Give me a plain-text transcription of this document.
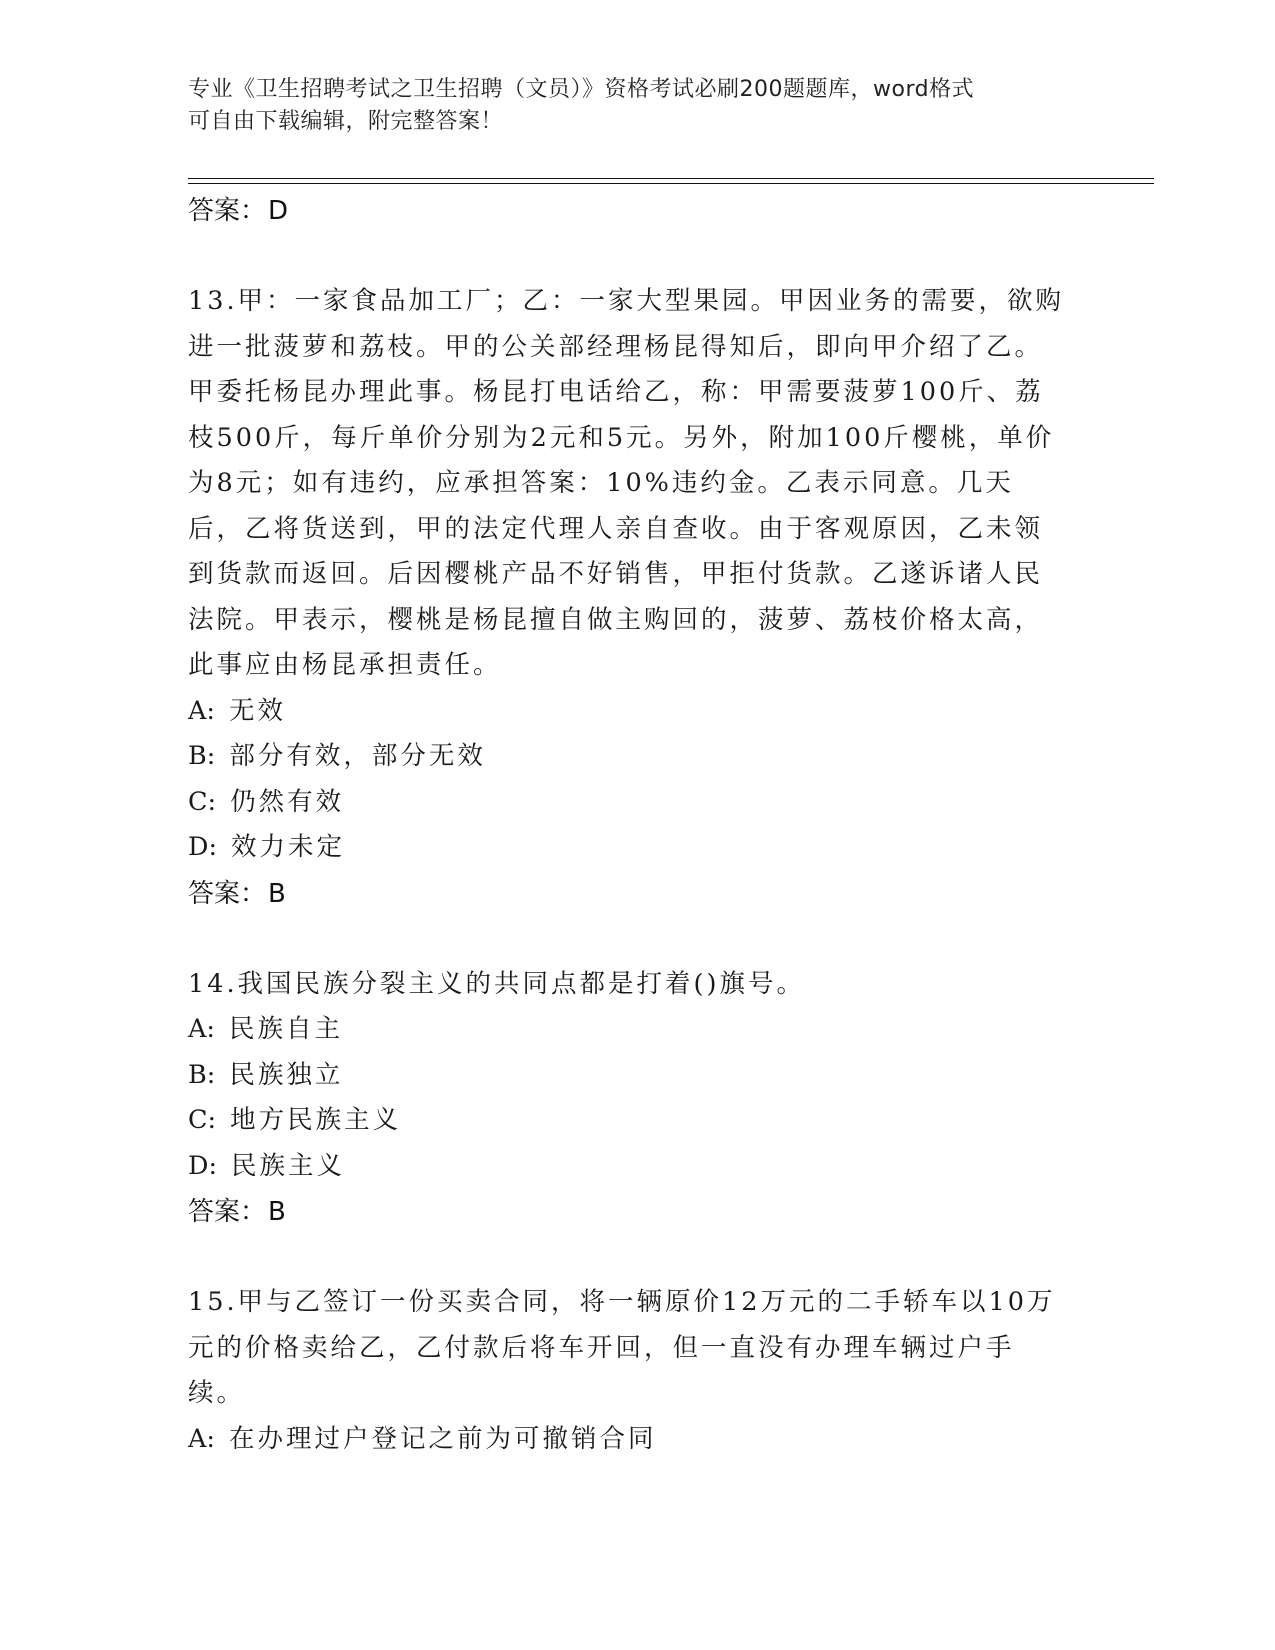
专业《卫生招聘考试之卫生招聘（文员）》资格考试必刷200题题库，word格式
可自由下载编辑，附完整答案！
答案：D
13.甲：一家食品加工厂；乙：一家大型果园。甲因业务的需要，欲购进一批菠萝和荔枝。甲的公关部经理杨昆得知后，即向甲介绍了乙。甲委托杨昆办理此事。杨昆打电话给乙，称：甲需要菠萝100斤、荔枝500斤，每斤单价分别为2元和5元。另外，附加100斤樱桃，单价为8元；如有违约，应承担答案：10%违约金。乙表示同意。几天后，乙将货送到，甲的法定代理人亲自查收。由于客观原因，乙未领到货款而返回。后因樱桃产品不好销售，甲拒付货款。乙遂诉诸人民法院。甲表示，樱桃是杨昆擅自做主购回的，菠萝、荔枝价格太高，此事应由杨昆承担责任。
A: 无效
B: 部分有效，部分无效
C: 仍然有效
D: 效力未定
答案：B
14.我国民族分裂主义的共同点都是打着()旗号。
A: 民族自主
B: 民族独立
C: 地方民族主义
D: 民族主义
答案：B
15.甲与乙签订一份买卖合同，将一辆原价12万元的二手轿车以10万元的价格卖给乙，乙付款后将车开回，但一直没有办理车辆过户手续。
A: 在办理过户登记之前为可撤销合同
